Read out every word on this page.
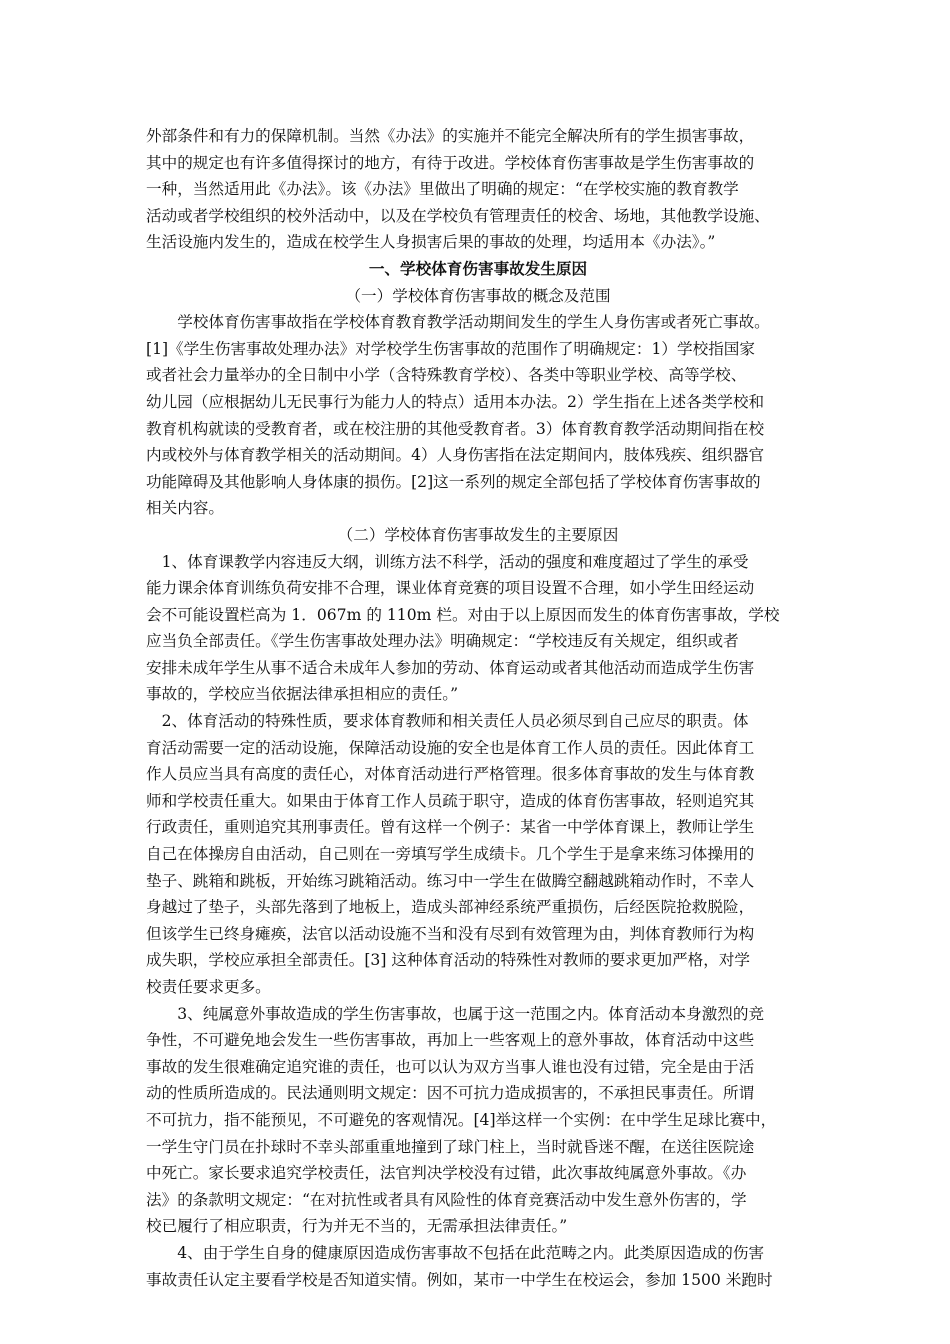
外部条件和有力的保障机制。当然《办法》的实施并不能完全解决所有的学生损害事故，
其中的规定也有许多值得探讨的地方，有待于改进。学校体育伤害事故是学生伤害事故的
一种，当然适用此《办法》。该《办法》里做出了明确的规定：“在学校实施的教育教学
活动或者学校组织的校外活动中，以及在学校负有管理责任的校舍、场地，其他教学设施、
生活设施内发生的，造成在校学生人身损害后果的事故的处理，均适用本《办法》。”
一、学校体育伤害事故发生原因
（一）学校体育伤害事故的概念及范围
　　学校体育伤害事故指在学校体育教育教学活动期间发生的学生人身伤害或者死亡事故。
[1]《学生伤害事故处理办法》对学校学生伤害事故的范围作了明确规定：1）学校指国家
或者社会力量举办的全日制中小学（含特殊教育学校）、各类中等职业学校、高等学校、
幼儿园（应根据幼儿无民事行为能力人的特点）适用本办法。2）学生指在上述各类学校和
教育机构就读的受教育者，或在校注册的其他受教育者。3）体育教育教学活动期间指在校
内或校外与体育教学相关的活动期间。4）人身伤害指在法定期间内，肢体残疾、组织器官
功能障碍及其他影响人身体康的损伤。[2]这一系列的规定全部包括了学校体育伤害事故的
相关内容。
（二）学校体育伤害事故发生的主要原因
　1、体育课教学内容违反大纲，训练方法不科学，活动的强度和难度超过了学生的承受
能力课余体育训练负荷安排不合理，课业体育竞赛的项目设置不合理，如小学生田经运动
会不可能设置栏高为 1．067m 的 110m 栏。对由于以上原因而发生的体育伤害事故，学校
应当负全部责任。《学生伤害事故处理办法》明确规定：“学校违反有关规定，组织或者
安排未成年学生从事不适合未成年人参加的劳动、体育运动或者其他活动而造成学生伤害
事故的，学校应当依据法律承担相应的责任。”
　2、体育活动的特殊性质，要求体育教师和相关责任人员必须尽到自己应尽的职责。体
育活动需要一定的活动设施，保障活动设施的安全也是体育工作人员的责任。因此体育工
作人员应当具有高度的责任心，对体育活动进行严格管理。很多体育事故的发生与体育教
师和学校责任重大。如果由于体育工作人员疏于职守，造成的体育伤害事故，轻则追究其
行政责任，重则追究其刑事责任。曾有这样一个例子：某省一中学体育课上，教师让学生
自己在体操房自由活动，自己则在一旁填写学生成绩卡。几个学生于是拿来练习体操用的
垫子、跳箱和跳板，开始练习跳箱活动。练习中一学生在做腾空翻越跳箱动作时，不幸人
身越过了垫子，头部先落到了地板上，造成头部神经系统严重损伤，后经医院抢救脱险，
但该学生已终身瘫痪，法官以活动设施不当和没有尽到有效管理为由，判体育教师行为构
成失职，学校应承担全部责任。[3] 这种体育活动的特殊性对教师的要求更加严格，对学
校责任要求更多。
　　3、纯属意外事故造成的学生伤害事故，也属于这一范围之内。体育活动本身激烈的竞
争性，不可避免地会发生一些伤害事故，再加上一些客观上的意外事故，体育活动中这些
事故的发生很难确定追究谁的责任，也可以认为双方当事人谁也没有过错，完全是由于活
动的性质所造成的。民法通则明文规定：因不可抗力造成损害的，不承担民事责任。所谓
不可抗力，指不能预见，不可避免的客观情况。[4]举这样一个实例：在中学生足球比赛中，
一学生守门员在扑球时不幸头部重重地撞到了球门柱上，当时就昏迷不醒，在送往医院途
中死亡。家长要求追究学校责任，法官判决学校没有过错，此次事故纯属意外事故。《办
法》的条款明文规定：“在对抗性或者具有风险性的体育竞赛活动中发生意外伤害的，学
校已履行了相应职责，行为并无不当的，无需承担法律责任。”
　　4、由于学生自身的健康原因造成伤害事故不包括在此范畴之内。此类原因造成的伤害
事故责任认定主要看学校是否知道实情。例如，某市一中学生在校运会，参加 1500 米跑时
